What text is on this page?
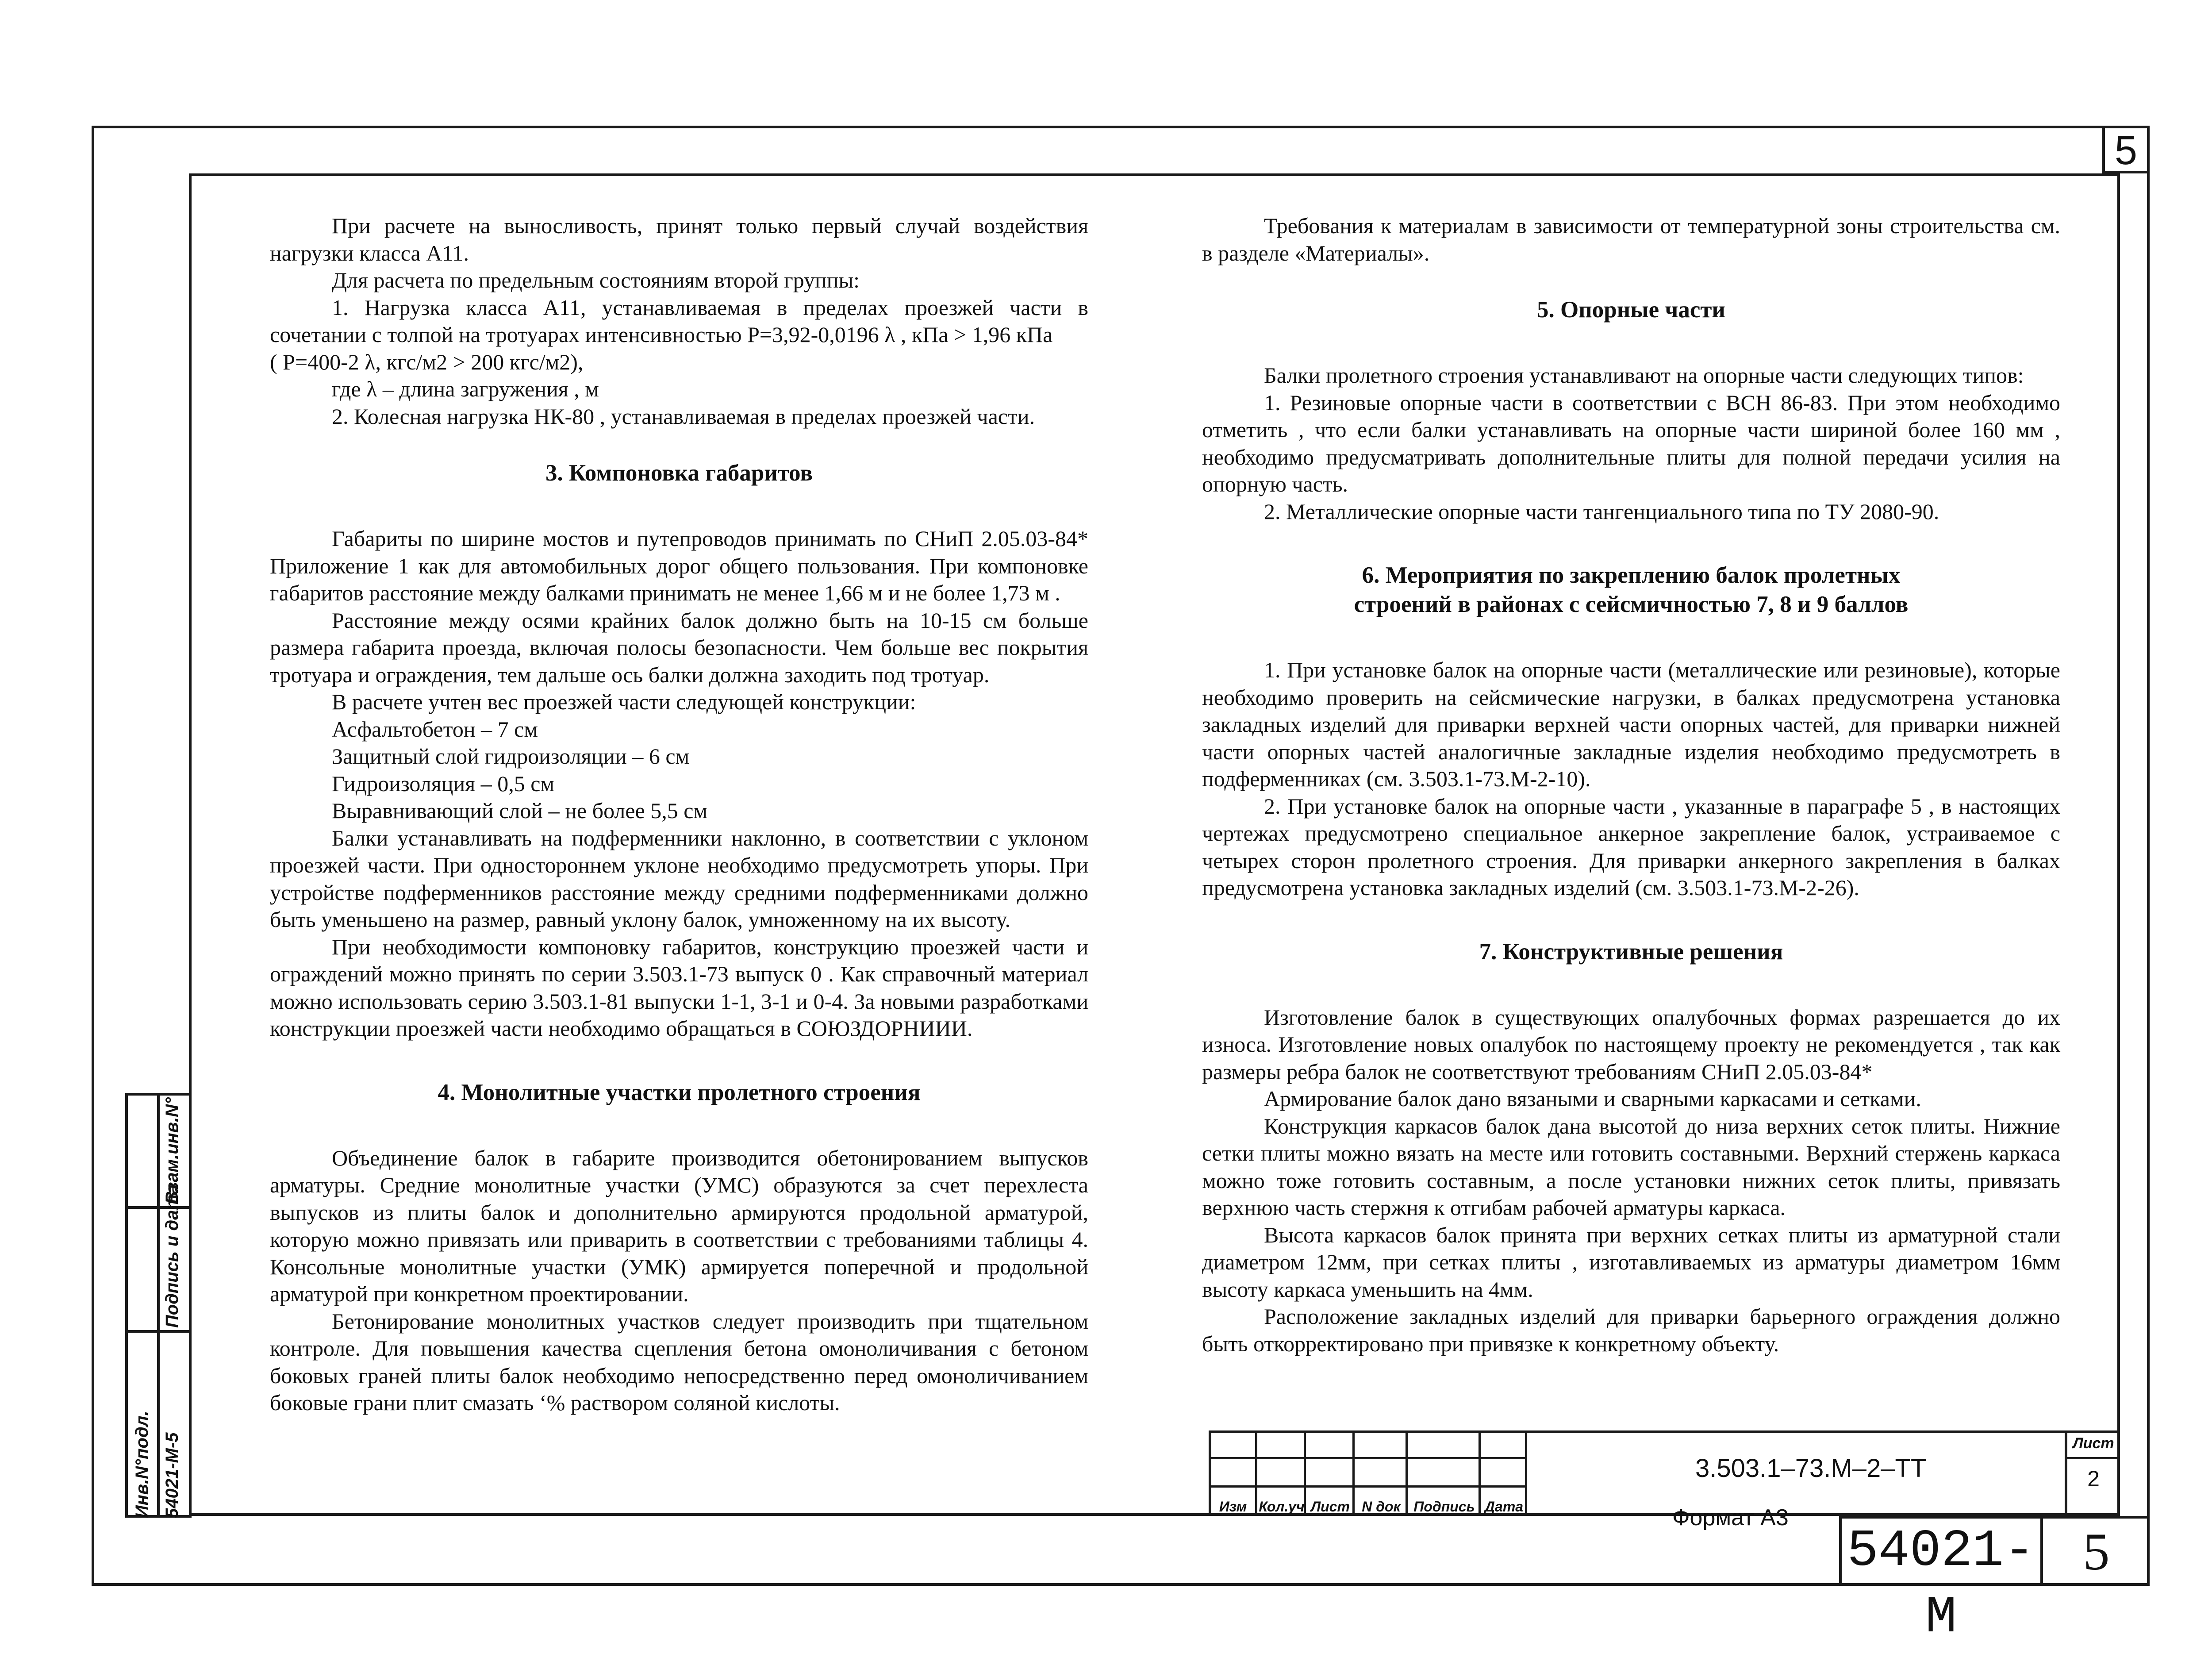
5

При расчете на выносливость, принят только первый случай воздействия нагрузки класса А11.

Для расчета по предельным состояниям второй группы:

1. Нагрузка класса А11, устанавливаемая в пределах проезжей части в сочетании с толпой на тротуарах интенсивностью Р=3,92-0,0196 λ , кПа > 1,96 кПа

( Р=400-2 λ, кгс/м2 > 200 кгс/м2),

где λ – длина загружения , м

2. Колесная нагрузка НК-80 , устанавливаемая в пределах проезжей части.

3. Компоновка габаритов

Габариты по ширине мостов и путепроводов принимать по СНиП 2.05.03-84* Приложение 1 как для автомобильных дорог общего пользования. При компоновке габаритов расстояние между балками принимать не менее 1,66 м и не более 1,73 м .

Расстояние между осями крайних балок должно быть на 10-15 см больше размера габарита проезда, включая полосы безопасности. Чем больше вес покрытия тротуара и ограждения, тем дальше ось балки должна заходить под тротуар.

В расчете учтен вес проезжей части следующей конструкции:

Асфальтобетон – 7 см

Защитный слой гидроизоляции – 6 см

Гидроизоляция – 0,5 см

Выравнивающий слой – не более 5,5 см

Балки устанавливать на подферменники наклонно, в соответствии с уклоном проезжей части. При одностороннем уклоне необходимо предусмотреть упоры. При устройстве подферменников расстояние между средними подферменниками должно быть уменьшено на размер, равный уклону балок, умноженному на их высоту.

При необходимости компоновку габаритов, конструкцию проезжей части и ограждений можно принять по серии 3.503.1-73 выпуск 0 . Как справочный материал можно использовать серию 3.503.1-81 выпуски 1-1, 3-1 и 0-4. За новыми разработками конструкции проезжей части необходимо обращаться в СОЮЗДОРНИИИ.

4. Монолитные участки пролетного строения

Объединение балок в габарите производится обетонированием выпусков арматуры. Средние монолитные участки (УМС) образуются за счет перехлеста выпусков из плиты балок и дополнительно армируются продольной арматурой, которую можно привязать или приварить в соответствии с требованиями таблицы 4. Консольные монолитные участки (УМК) армируется поперечной и продольной арматурой при конкретном проектировании.

Бетонирование монолитных участков следует производить при тщательном контроле. Для повышения качества сцепления бетона омоноличивания с бетоном боковых граней плиты балок необходимо непосредственно перед омоноличиванием боковые грани плит смазать ‘% раствором соляной кислоты.

Требования к материалам в зависимости от температурной зоны строительства см. в разделе «Материалы».

5. Опорные части

Балки пролетного строения устанавливают на опорные части следующих типов:

1. Резиновые опорные части в соответствии с ВСН 86-83. При этом необходимо отметить , что если балки устанавливать на опорные части шириной более 160 мм , необходимо предусматривать дополнительные плиты для полной передачи усилия на опорную часть.

2. Металлические опорные части тангенциального типа по ТУ 2080-90.

6. Мероприятия по закреплению балок пролетных

строений в районах с сейсмичностью 7, 8 и 9 баллов

1. При установке балок на опорные части (металлические или резиновые), которые необходимо проверить на сейсмические нагрузки, в балках предусмотрена установка закладных изделий для приварки верхней части опорных частей, для приварки нижней части опорных частей аналогичные закладные изделия необходимо предусмотреть в подферменниках (см. 3.503.1-73.М-2-10).

2. При установке балок на опорные части , указанные в параграфе 5 , в настоящих чертежах предусмотрено специальное анкерное закрепление балок, устраиваемое с четырех сторон пролетного строения. Для приварки анкерного закрепления в балках предусмотрена установка закладных изделий (см. 3.503.1-73.М-2-26).

7. Конструктивные решения

Изготовление балок в существующих опалубочных формах разрешается до их износа. Изготовление новых опалубок по настоящему проекту не рекомендуется , так как размеры ребра балок не соответствуют требованиям СНиП 2.05.03-84*

Армирование балок дано вязаными и сварными каркасами и сетками.

Конструкция каркасов балок дана высотой до низа верхних сеток плиты. Нижние сетки плиты можно вязать на месте или готовить составными. Верхний стержень каркаса можно тоже готовить составным, а после установки нижних сеток плиты, привязать верхнюю часть стержня к отгибам рабочей арматуры каркаса.

Высота каркасов балок принята при верхних сетках плиты из арматурной стали диаметром 12мм, при сетках плиты , изготавливаемых из арматуры диаметром 16мм высоту каркаса уменьшить на 4мм.

Расположение закладных изделий для приварки барьерного ограждения должно быть откорректировано при привязке к конкретному объекту.

Инв.N°подл. 54021-М-5
Подпись и дата
Взам.инв.N°
Изм Кол.уч Лист N док Подпись Дата
3.503.1–73.М–2–ТТ
Лист
2
Формат А3
54021-М
5
